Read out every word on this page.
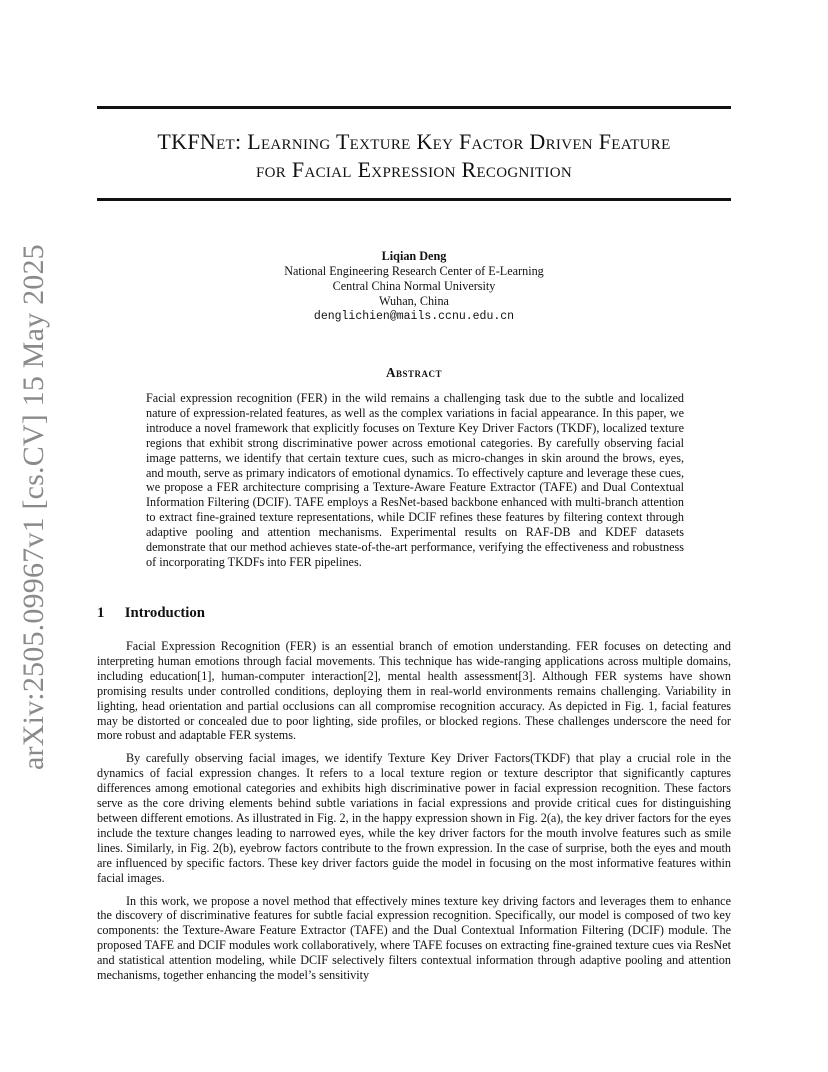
arXiv:2505.09967v1 [cs.CV] 15 May 2025
TKFNet: Learning Texture Key Factor Driven Feature
for Facial Expression Recognition
Liqian Deng
National Engineering Research Center of E-Learning
Central China Normal University
Wuhan, China
denglichien@mails.ccnu.edu.cn
Abstract
Facial expression recognition (FER) in the wild remains a challenging task due to the subtle and localized nature of expression-related features, as well as the complex variations in facial appearance. In this paper, we introduce a novel framework that explicitly focuses on Texture Key Driver Factors (TKDF), localized texture regions that exhibit strong discriminative power across emotional categories. By carefully observing facial image patterns, we identify that certain texture cues, such as micro-changes in skin around the brows, eyes, and mouth, serve as primary indicators of emotional dynamics. To effectively capture and leverage these cues, we propose a FER architecture comprising a Texture-Aware Feature Extractor (TAFE) and Dual Contextual Information Filtering (DCIF). TAFE employs a ResNet-based backbone enhanced with multi-branch attention to extract fine-grained texture representations, while DCIF refines these features by filtering context through adaptive pooling and attention mechanisms. Experimental results on RAF-DB and KDEF datasets demonstrate that our method achieves state-of-the-art performance, verifying the effectiveness and robustness of incorporating TKDFs into FER pipelines.
1 Introduction

Facial Expression Recognition (FER) is an essential branch of emotion understanding. FER focuses on detecting and interpreting human emotions through facial movements. This technique has wide-ranging applications across multiple domains, including education[1], human-computer interaction[2], mental health assessment[3]. Although FER systems have shown promising results under controlled conditions, deploying them in real-world environments remains challenging. Variability in lighting, head orientation and partial occlusions can all compromise recognition accuracy. As depicted in Fig. 1, facial features may be distorted or concealed due to poor lighting, side profiles, or blocked regions. These challenges underscore the need for more robust and adaptable FER systems.

By carefully observing facial images, we identify Texture Key Driver Factors(TKDF) that play a crucial role in the dynamics of facial expression changes. It refers to a local texture region or texture descriptor that significantly captures differences among emotional categories and exhibits high discriminative power in facial expression recognition. These factors serve as the core driving elements behind subtle variations in facial expressions and provide critical cues for distinguishing between different emotions. As illustrated in Fig. 2, in the happy expression shown in Fig. 2(a), the key driver factors for the eyes include the texture changes leading to narrowed eyes, while the key driver factors for the mouth involve features such as smile lines. Similarly, in Fig. 2(b), eyebrow factors contribute to the frown expression. In the case of surprise, both the eyes and mouth are influenced by specific factors. These key driver factors guide the model in focusing on the most informative features within facial images.

In this work, we propose a novel method that effectively mines texture key driving factors and leverages them to enhance the discovery of discriminative features for subtle facial expression recognition. Specifically, our model is composed of two key components: the Texture-Aware Feature Extractor (TAFE) and the Dual Contextual Information Filtering (DCIF) module. The proposed TAFE and DCIF modules work collaboratively, where TAFE focuses on extracting fine-grained texture cues via ResNet and statistical attention modeling, while DCIF selectively filters contextual information through adaptive pooling and attention mechanisms, together enhancing the model’s sensitivity
